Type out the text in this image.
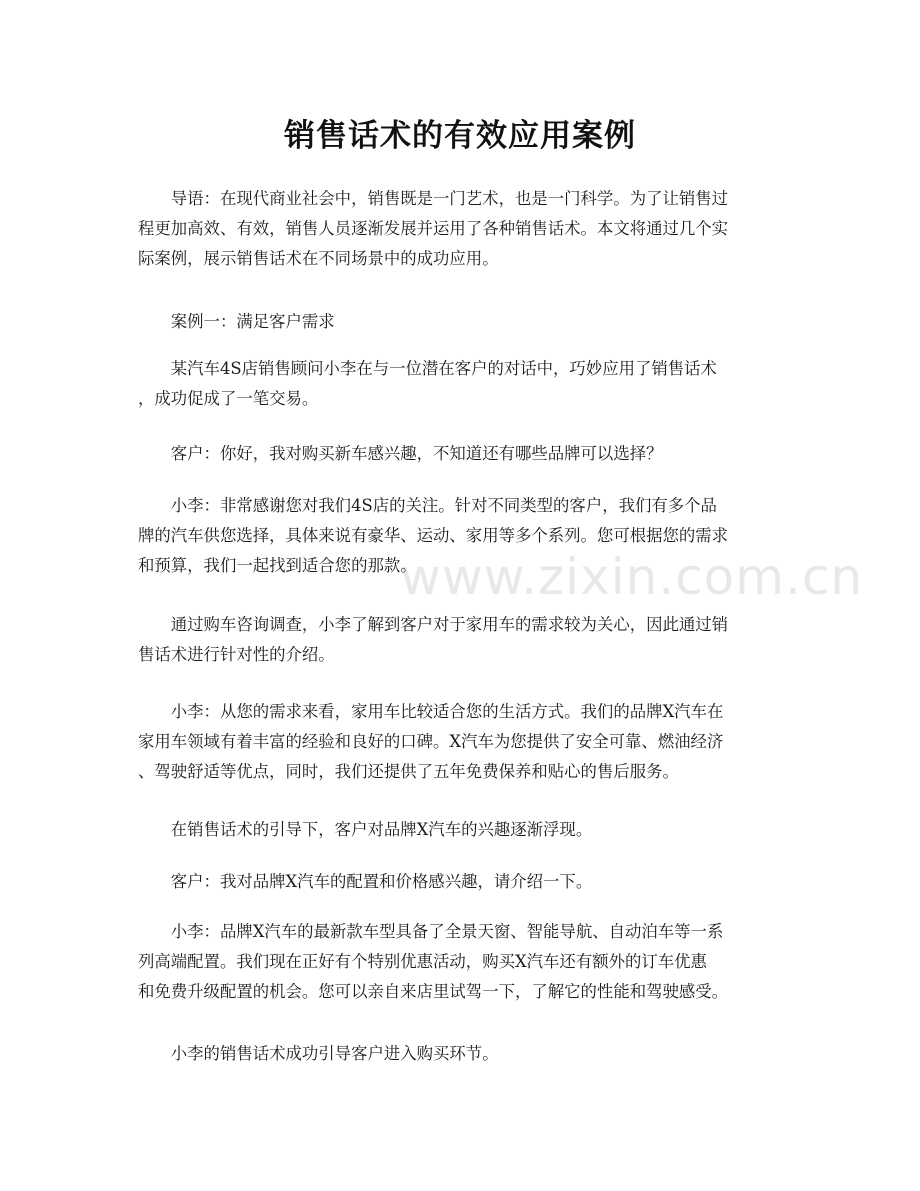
销售话术的有效应用案例
www.zixin.com.cn
　　导语：在现代商业社会中，销售既是一门艺术，也是一门科学。为了让销售过
程更加高效、有效，销售人员逐渐发展并运用了各种销售话术。本文将通过几个实
际案例，展示销售话术在不同场景中的成功应用。
　　案例一：满足客户需求
　　某汽车4S店销售顾问小李在与一位潜在客户的对话中，巧妙应用了销售话术
，成功促成了一笔交易。
　　客户：你好，我对购买新车感兴趣，不知道还有哪些品牌可以选择？
　　小李：非常感谢您对我们4S店的关注。针对不同类型的客户，我们有多个品
牌的汽车供您选择，具体来说有豪华、运动、家用等多个系列。您可根据您的需求
和预算，我们一起找到适合您的那款。
　　通过购车咨询调查，小李了解到客户对于家用车的需求较为关心，因此通过销
售话术进行针对性的介绍。
　　小李：从您的需求来看，家用车比较适合您的生活方式。我们的品牌X汽车在
家用车领域有着丰富的经验和良好的口碑。X汽车为您提供了安全可靠、燃油经济
、驾驶舒适等优点，同时，我们还提供了五年免费保养和贴心的售后服务。
　　在销售话术的引导下，客户对品牌X汽车的兴趣逐渐浮现。
　　客户：我对品牌X汽车的配置和价格感兴趣，请介绍一下。
　　小李：品牌X汽车的最新款车型具备了全景天窗、智能导航、自动泊车等一系
列高端配置。我们现在正好有个特别优惠活动，购买X汽车还有额外的订车优惠
和免费升级配置的机会。您可以亲自来店里试驾一下，了解它的性能和驾驶感受。
　　小李的销售话术成功引导客户进入购买环节。
